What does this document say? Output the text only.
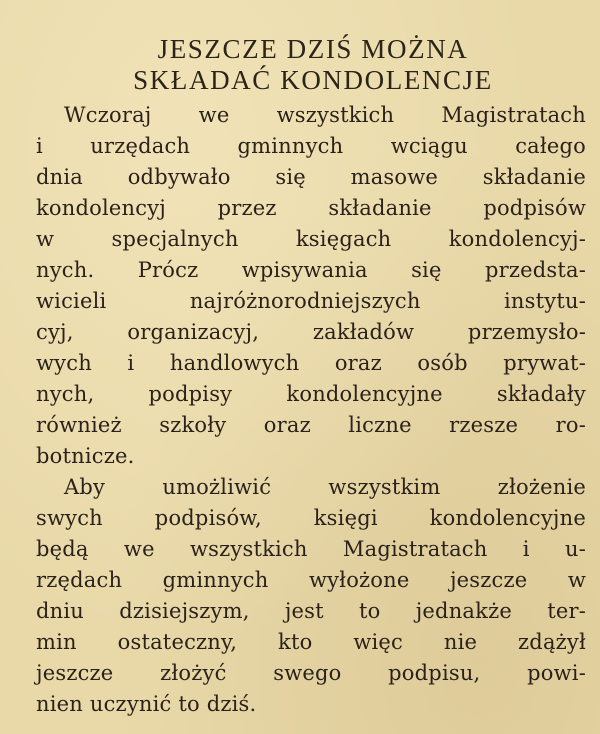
JESZCZE DZIŚ MOŻNA
SKŁADAĆ KONDOLENCJE

Wczoraj we wszystkich Magistratach
i urzędach gminnych wciągu całego
dnia odbywało się masowe składanie
kondolencyj przez składanie podpisów
w specjalnych księgach kondolencyj-
nych. Prócz wpisywania się przedsta-
wicieli najróżnorodniejszych instytu-
cyj, organizacyj, zakładów przemysło-
wych i handlowych oraz osób prywat-
nych, podpisy kondolencyjne składały
również szkoły oraz liczne rzesze ro-
botnicze.

Aby umożliwić wszystkim złożenie
swych podpisów, księgi kondolencyjne
będą we wszystkich Magistratach i u-
rzędach gminnych wyłożone jeszcze w
dniu dzisiejszym, jest to jednakże ter-
min ostateczny, kto więc nie zdążył
jeszcze złożyć swego podpisu, powi-
nien uczynić to dziś.
